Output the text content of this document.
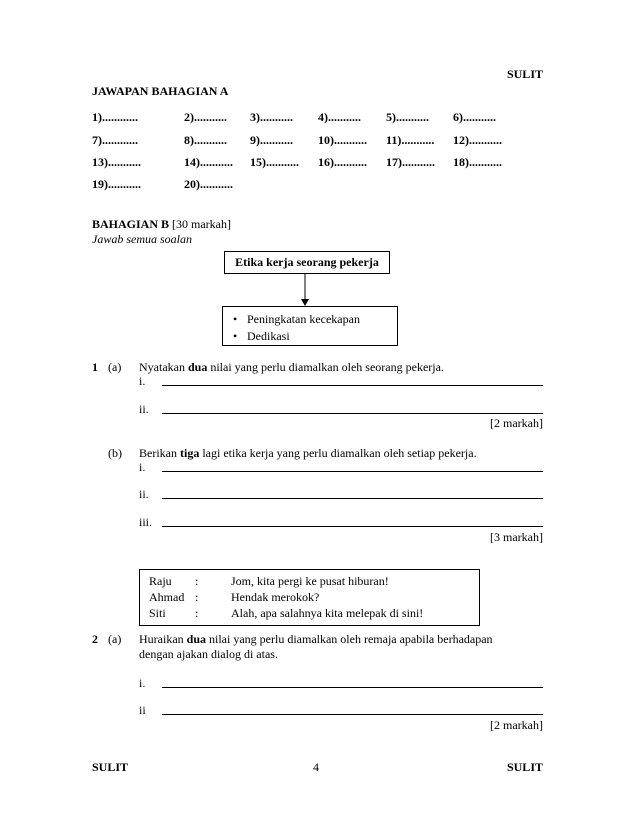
SULIT
JAWAPAN BAHAGIAN A
1)............	2)........... 3)........... 4)........... 5)........... 6)...........
7)............	8)........... 9)........... 10)........... 11)........... 12)...........
13)...........	14)........... 15)........... 16)........... 17)........... 18)...........
19)...........	20)...........
BAHAGIAN B [30 markah]
Jawab semua soalan
Etika kerja seorang pekerja
• Peningkatan kecekapan
• Dedikasi
1 (a) Nyatakan dua nilai yang perlu diamalkan oleh seorang pekerja.
i.
ii.
[2 markah]
(b) Berikan tiga lagi etika kerja yang perlu diamalkan oleh setiap pekerja.
i.
ii.
iii.
[3 markah]
Raju :	Jom, kita pergi ke pusat hiburan!
Ahmad :	Hendak merokok?
Siti :	Alah, apa salahnya kita melepak di sini!
2 (a) Huraikan dua nilai yang perlu diamalkan oleh remaja apabila berhadapan
dengan ajakan dialog di atas.
i.
ii
[2 markah]
SULIT	4	SULIT
